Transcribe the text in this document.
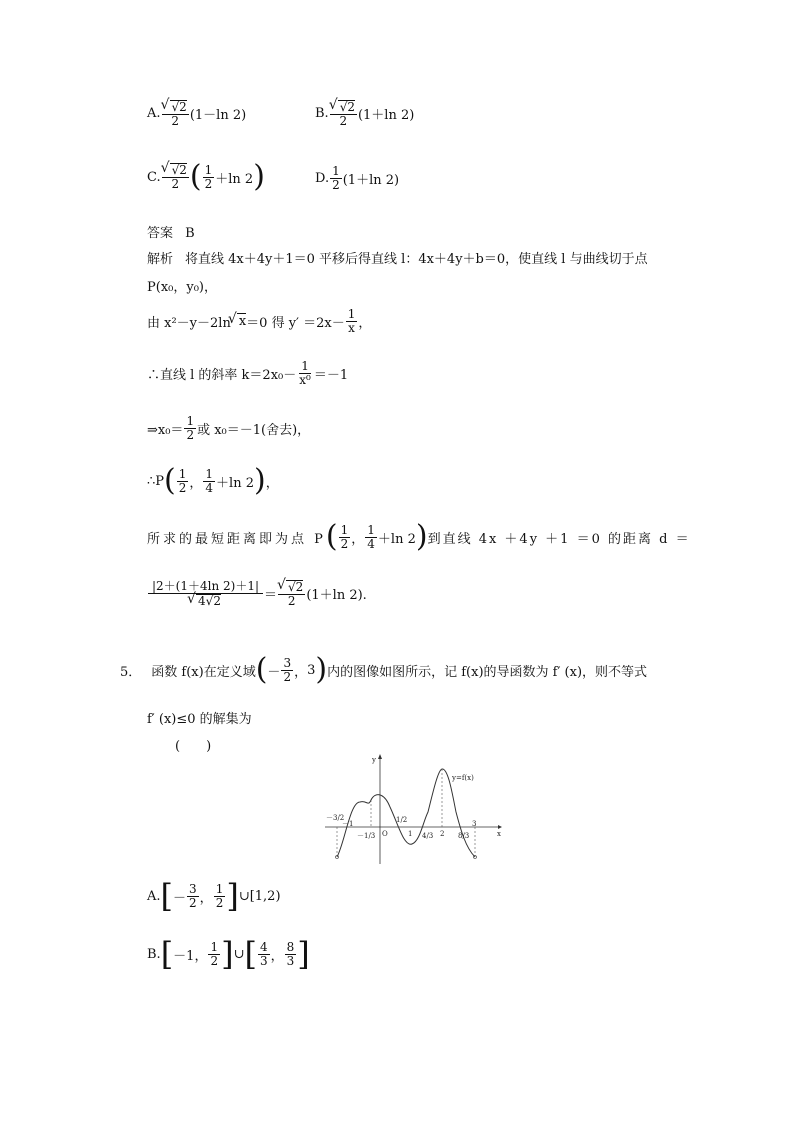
A. √ $\frac{√2}{2} (1-\ln$ 2)	B. √ $\frac{√2}{2} (1+\ln$ 2)
C. √ $\frac{√2}{2}$ ( $\frac{1}{2} +\ln$ 2 )	D. $\frac{1}{2} (1+\ln$ 2)
答案 B
解析 将直线 4x＋4y＋1＝0 平移后得直线 l：4x＋4y＋b＝0，使直线 l 与曲线切于点
P(x₀，y₀)，
由 x²－y－2ln √ x ＝0 得 $y' =2x- \frac{1}{x}$ ，
∴直线 l 的斜率 $k=2x_0- \frac{1}{\text{x⁰}} =-1$
⇒x₀＝ $\frac{1}{2}$ 或 x₀＝－1(舍去)，
∴P ( $\frac{1}{2}$ ， $\frac{1}{4} +\ln$ 2 ) ，
所求的最短距离即为点 P ( $\frac{1}{2}$ ， $\frac{1}{4} +\ln$ 2 ) 到直线 4x ＋4y ＋1 ＝0 的距离 d ＝
|2＋(1＋4ln 2)＋1|
√ 4√2 ＝ √ $\frac{√2}{2} (1+\ln$ 2).
5． 函数 f(x)在定义域 ( － $\frac{3}{2}$ ， 3 ) 内的图像如图所示，记 f(x)的导函数为 f′ (x)，则不等式
f′ (x)≤0 的解集为
(　　)
y
x
O
y=f(x)
－3/2
－1
－1/3
1/2
1 4/3 2 8/3
3
A. [ － $\frac{3}{2}$ ， $\frac{1}{2}$ ] ∪[1,2)
B. [ －1， $\frac{1}{2}$ ] ∪ [ $\frac{4}{3}$ ， $\frac{8}{3}$ ]
